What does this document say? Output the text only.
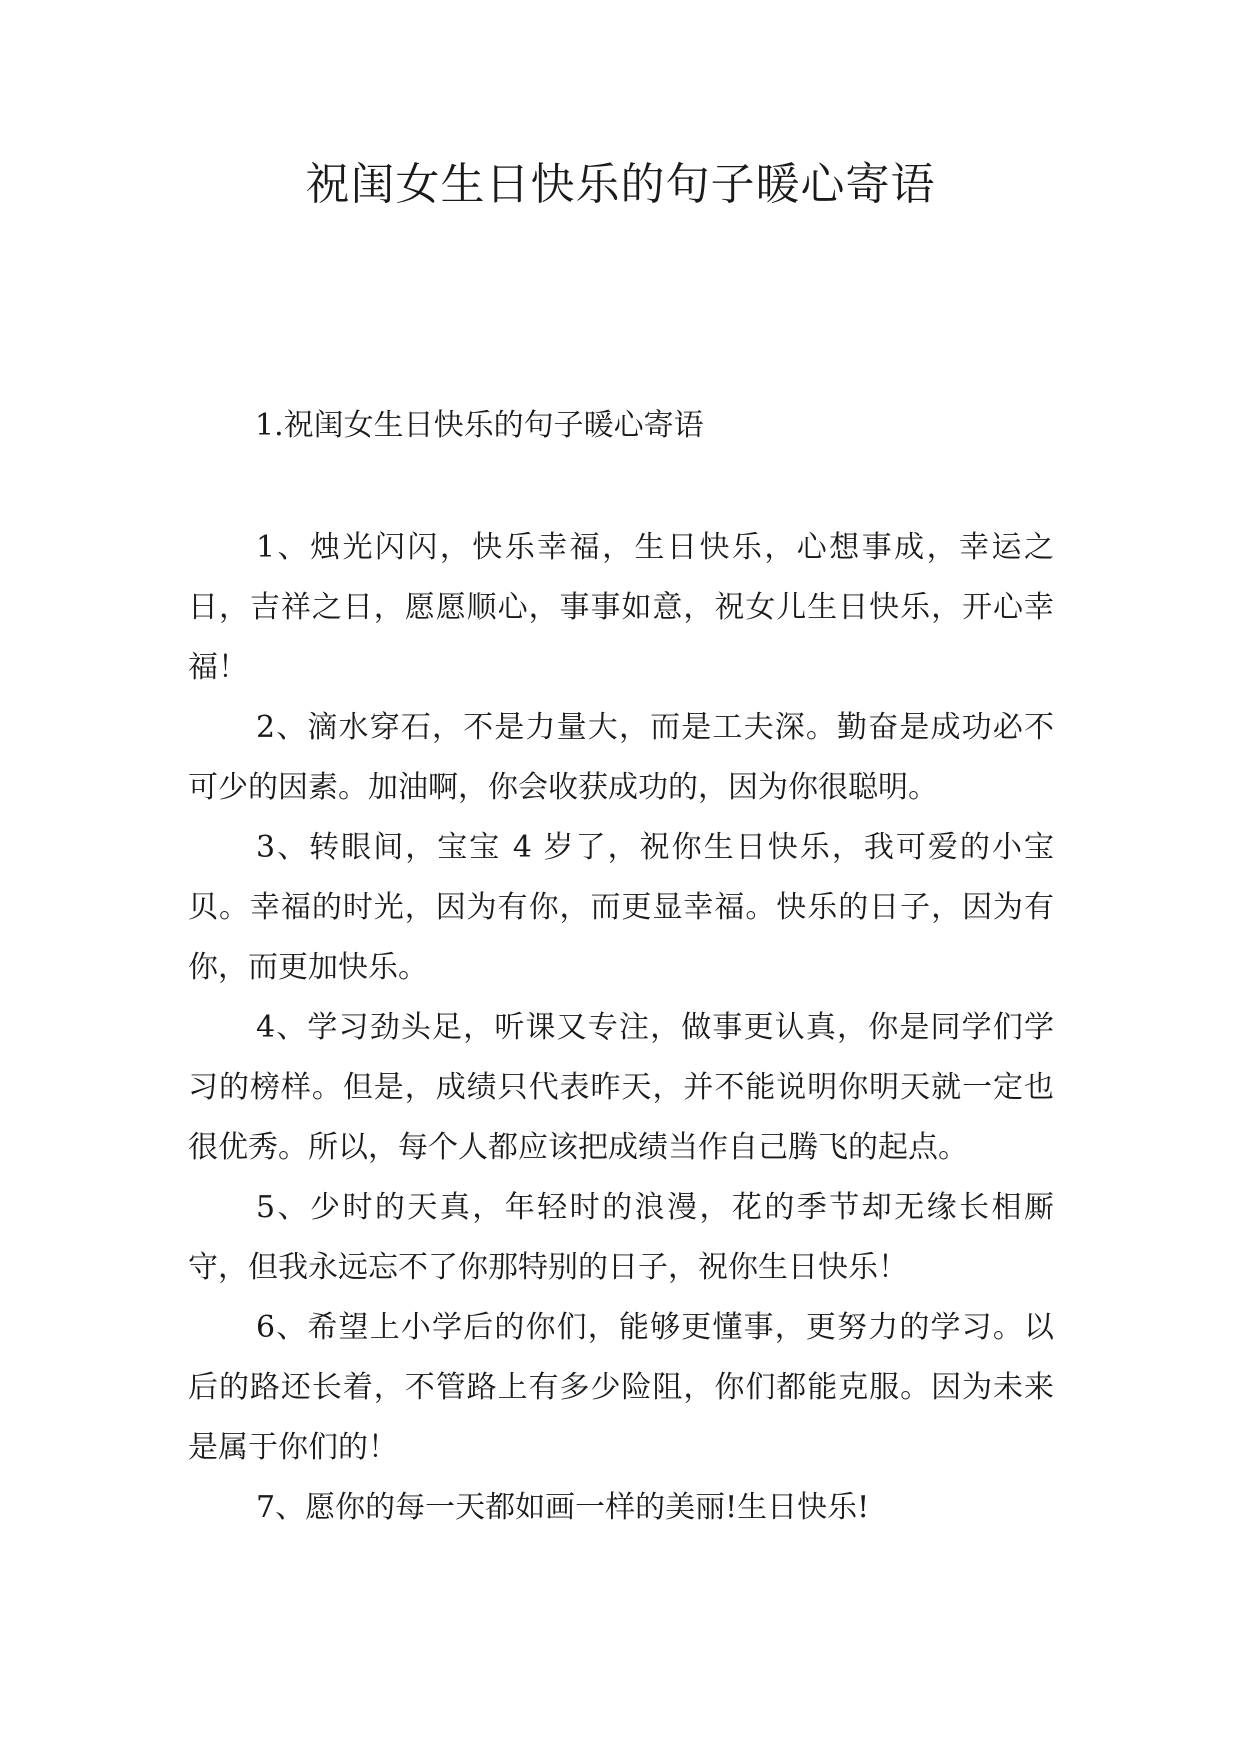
祝闺女生日快乐的句子暖心寄语

1.祝闺女生日快乐的句子暖心寄语

1、烛光闪闪，快乐幸福，生日快乐，心想事成，幸运之日，吉祥之日，愿愿顺心，事事如意，祝女儿生日快乐，开心幸福！

2、滴水穿石，不是力量大，而是工夫深。勤奋是成功必不可少的因素。加油啊，你会收获成功的，因为你很聪明。

3、转眼间，宝宝 4 岁了，祝你生日快乐，我可爱的小宝贝。幸福的时光，因为有你，而更显幸福。快乐的日子，因为有你，而更加快乐。

4、学习劲头足，听课又专注，做事更认真，你是同学们学习的榜样。但是，成绩只代表昨天，并不能说明你明天就一定也很优秀。所以，每个人都应该把成绩当作自己腾飞的起点。

5、少时的天真，年轻时的浪漫，花的季节却无缘长相厮守，但我永远忘不了你那特别的日子，祝你生日快乐！

6、希望上小学后的你们，能够更懂事，更努力的学习。以后的路还长着，不管路上有多少险阻，你们都能克服。因为未来是属于你们的！

7、愿你的每一天都如画一样的美丽!生日快乐!
